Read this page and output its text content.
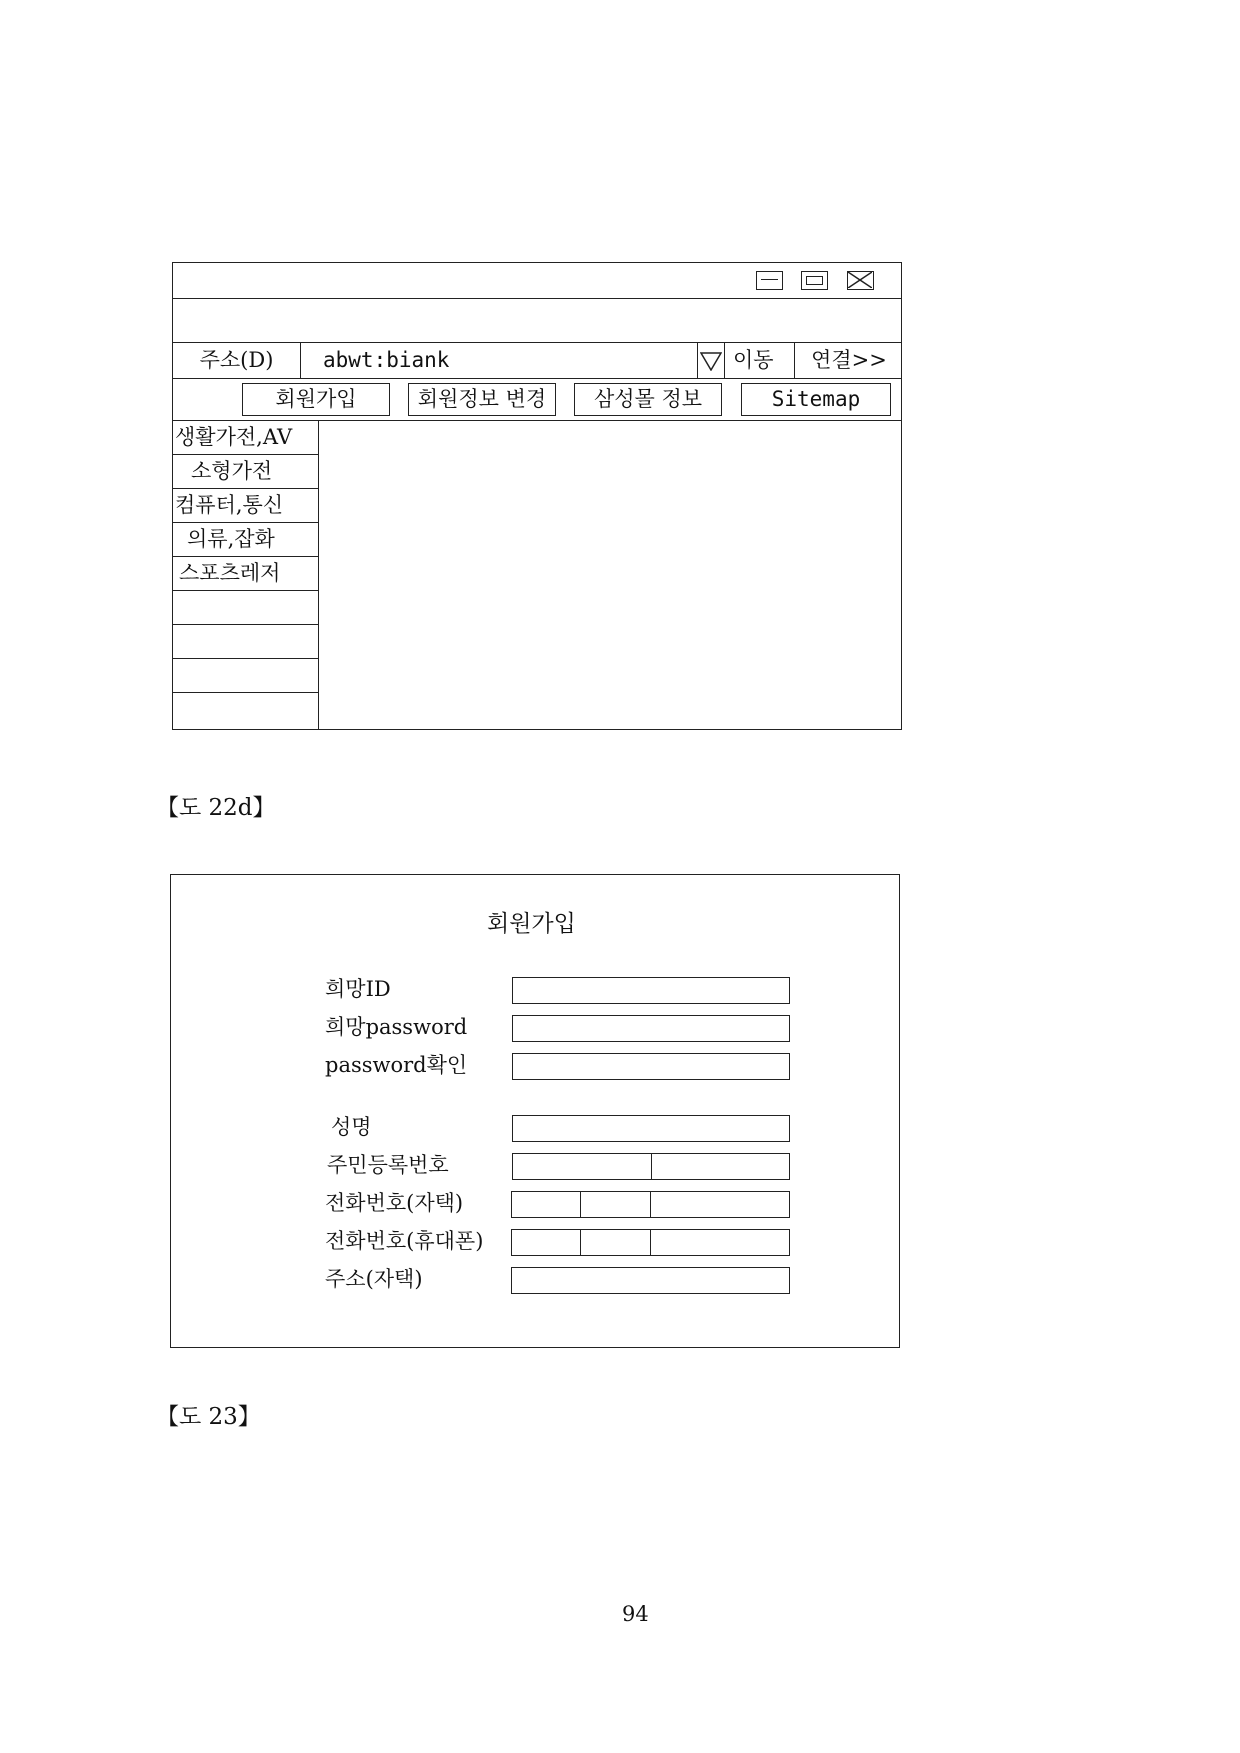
주소(D)	abwt:biank	이동	연결>>
회원가입	회원정보 변경	삼성몰 정보	Sitemap
생활가전,AV
소형가전
컴퓨터,통신
의류,잡화
스포츠레저
【도 22d】
회원가입
희망ID
희망password
password확인
성명
주민등록번호
전화번호(자택)
전화번호(휴대폰)
주소(자택)
【도 23】
94
